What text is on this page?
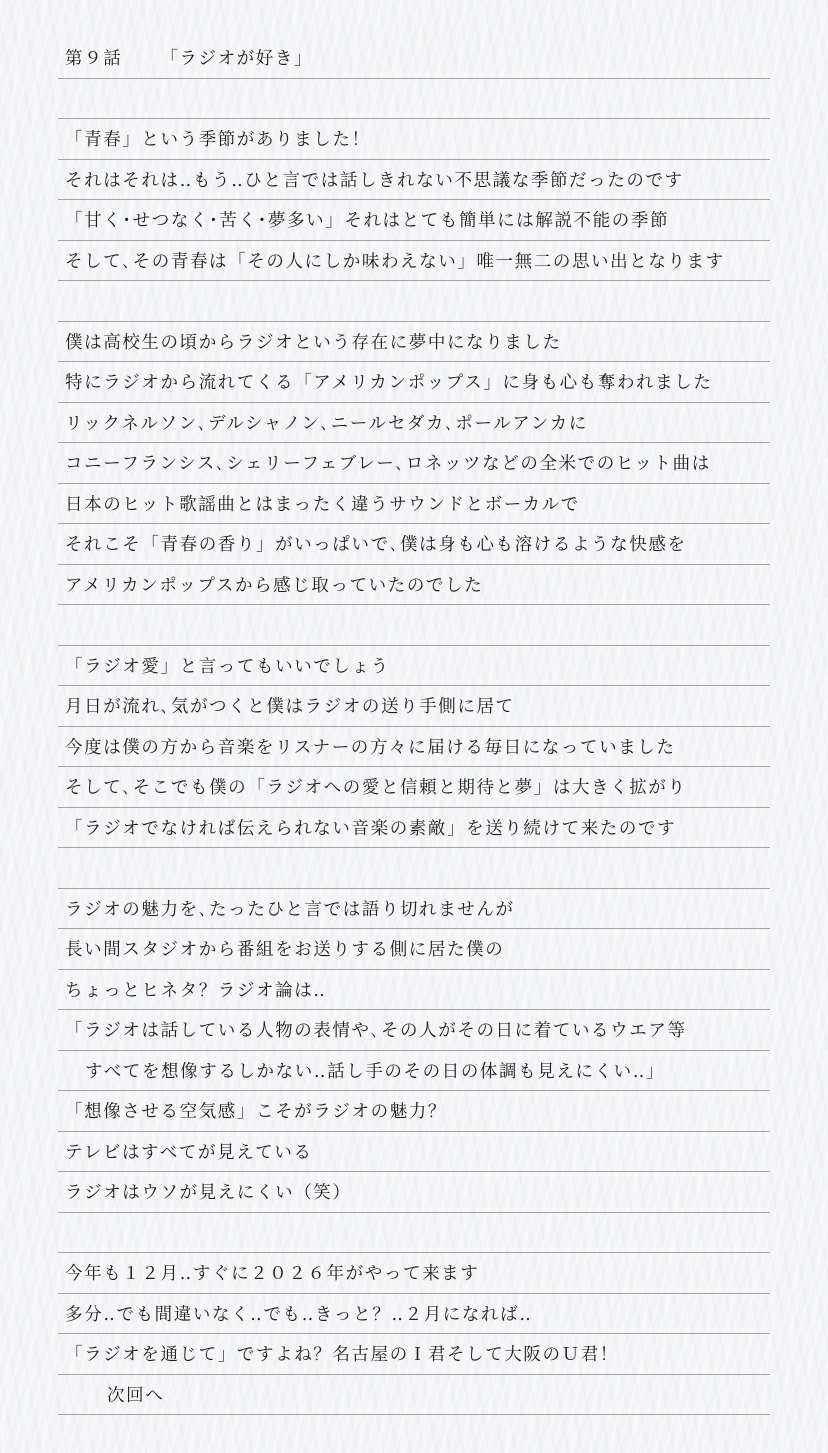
第９話 「ラジオが好き」
「青春」という季節がありました！
それはそれは‥もう‥ひと言では話しきれない不思議な季節だったのです
「甘く･せつなく･苦く･夢多い」それはとても簡単には解説不能の季節
そして､その青春は「その人にしか味わえない」唯一無二の思い出となります
僕は高校生の頃からラジオという存在に夢中になりました
特にラジオから流れてくる「アメリカンポップス」に身も心も奪われました
リックネルソン､デルシャノン､ニールセダカ､ポールアンカに
コニーフランシス､シェリーフェブレー､ロネッツなどの全米でのヒット曲は
日本のヒット歌謡曲とはまったく違うサウンドとボーカルで
それこそ「青春の香り」がいっぱいで､僕は身も心も溶けるような快感を
アメリカンポップスから感じ取っていたのでした
「ラジオ愛」と言ってもいいでしょう
月日が流れ､気がつくと僕はラジオの送り手側に居て
今度は僕の方から音楽をリスナーの方々に届ける毎日になっていました
そして､そこでも僕の「ラジオへの愛と信頼と期待と夢」は大きく拡がり
「ラジオでなければ伝えられない音楽の素敵」を送り続けて来たのです
ラジオの魅力を､たったひと言では語り切れませんが
長い間スタジオから番組をお送りする側に居た僕の
ちょっとヒネタ？ラジオ論は‥
「ラジオは話している人物の表情や､その人がその日に着ているウエア等
すべてを想像するしかない‥話し手のその日の体調も見えにくい‥」
「想像させる空気感」こそがラジオの魅力？
テレビはすべてが見えている
ラジオはウソが見えにくい（笑）
今年も１２月‥すぐに２０２６年がやって来ます
多分‥でも間違いなく‥でも‥きっと？‥２月になれば‥
「ラジオを通じて」ですよね？名古屋のＩ君そして大阪のＵ君！
次回へ
